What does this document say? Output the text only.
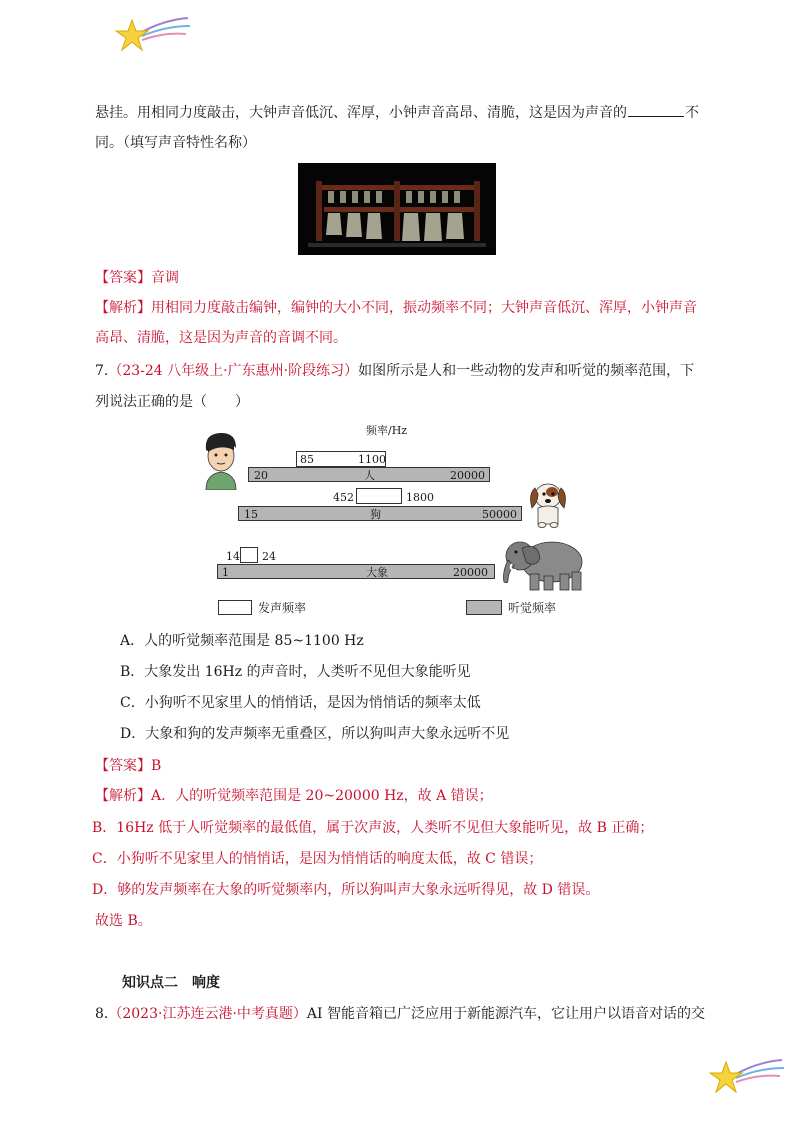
悬挂。用相同力度敲击，大钟声音低沉、浑厚，小钟声音高昂、清脆，这是因为声音的	不
同。（填写声音特性名称）
【答案】音调
【解析】用相同力度敲击编钟，编钟的大小不同，振动频率不同；大钟声音低沉、浑厚，小钟声音
高昂、清脆，这是因为声音的音调不同。
7.（23-24 八年级上·广东惠州·阶段练习）如图所示是人和一些动物的发声和听觉的频率范围，下
列说法正确的是（　　）
频率/Hz
85	1100
20	人	20000
452	1800
15	狗	50000
14 24
1	大象	20000
发声频率	听觉频率
A．人的听觉频率范围是 85~1100 Hz
B．大象发出 16Hz 的声音时，人类听不见但大象能听见
C．小狗听不见家里人的悄悄话，是因为悄悄话的频率太低
D．大象和狗的发声频率无重叠区，所以狗叫声大象永远听不见
【答案】B
【解析】A．人的听觉频率范围是 20~20000 Hz，故 A 错误；
B．16Hz 低于人听觉频率的最低值，属于次声波，人类听不见但大象能听见，故 B 正确；
C．小狗听不见家里人的悄悄话，是因为悄悄话的响度太低，故 C 错误；
D．够的发声频率在大象的听觉频率内，所以狗叫声大象永远听得见，故 D 错误。
故选 B。
知识点二　响度
8.（2023·江苏连云港·中考真题）AI 智能音箱已广泛应用于新能源汽车，它让用户以语音对话的交
